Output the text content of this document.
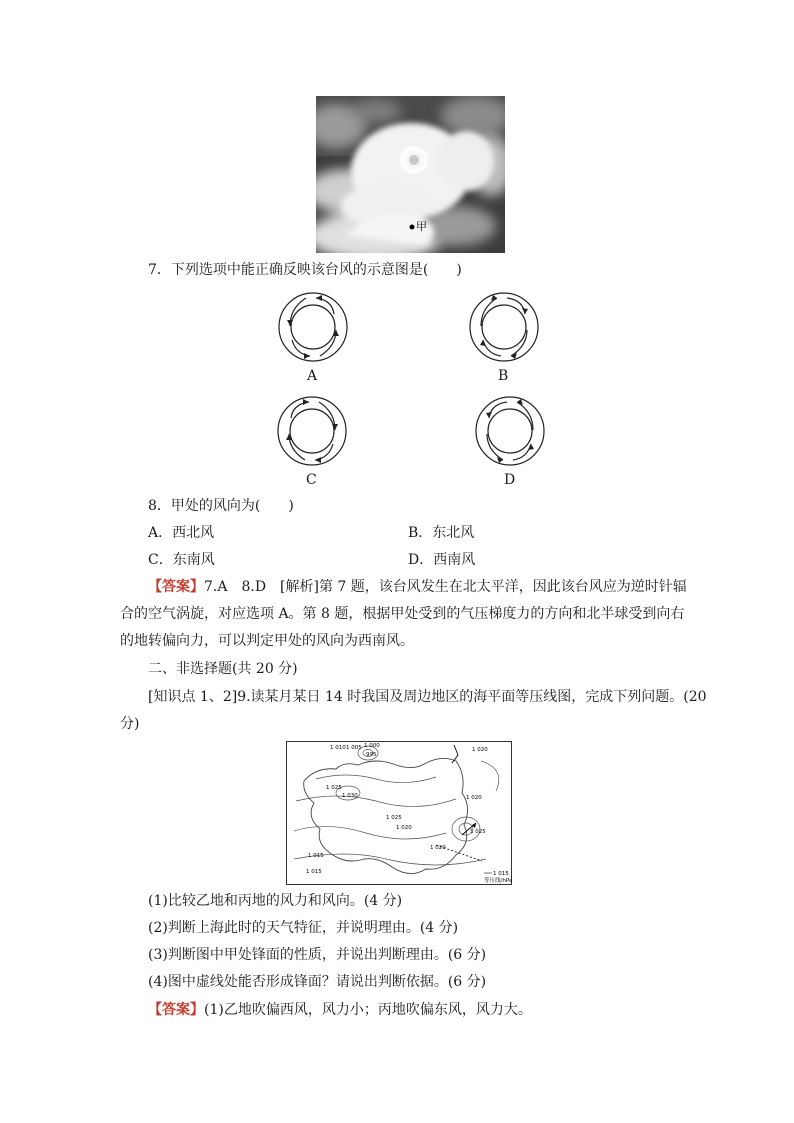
甲
7．下列选项中能正确反映该台风的示意图是(　　)
A	B
C	D
8．甲处的风向为(　　)
A．西北风	B．东北风
C．东南风	D．西南风
【答案】7.A　8.D　[解析]第 7 题，该台风发生在北太平洋，因此该台风应为逆时针辐
合的空气涡旋，对应选项 A。第 8 题，根据甲处受到的气压梯度力的方向和北半球受到向右
的地转偏向力，可以判定甲处的风向为西南风。
二、非选择题(共 20 分)
[知识点 1、2]9.读某月某日 14 时我国及周边地区的海平面等压线图，完成下列问题。(20
分)
1 010 1 005 1 000
995
1 020
1 025
1 030
1 025
1 020
1 015
1 020
1 025
1 020
1 015	1 015
等压线/hPa
(1)比较乙地和丙地的风力和风向。(4 分)
(2)判断上海此时的天气特征，并说明理由。(4 分)
(3)判断图中甲处锋面的性质，并说出判断理由。(6 分)
(4)图中虚线处能否形成锋面？请说出判断依据。(6 分)
【答案】(1)乙地吹偏西风，风力小；丙地吹偏东风，风力大。
